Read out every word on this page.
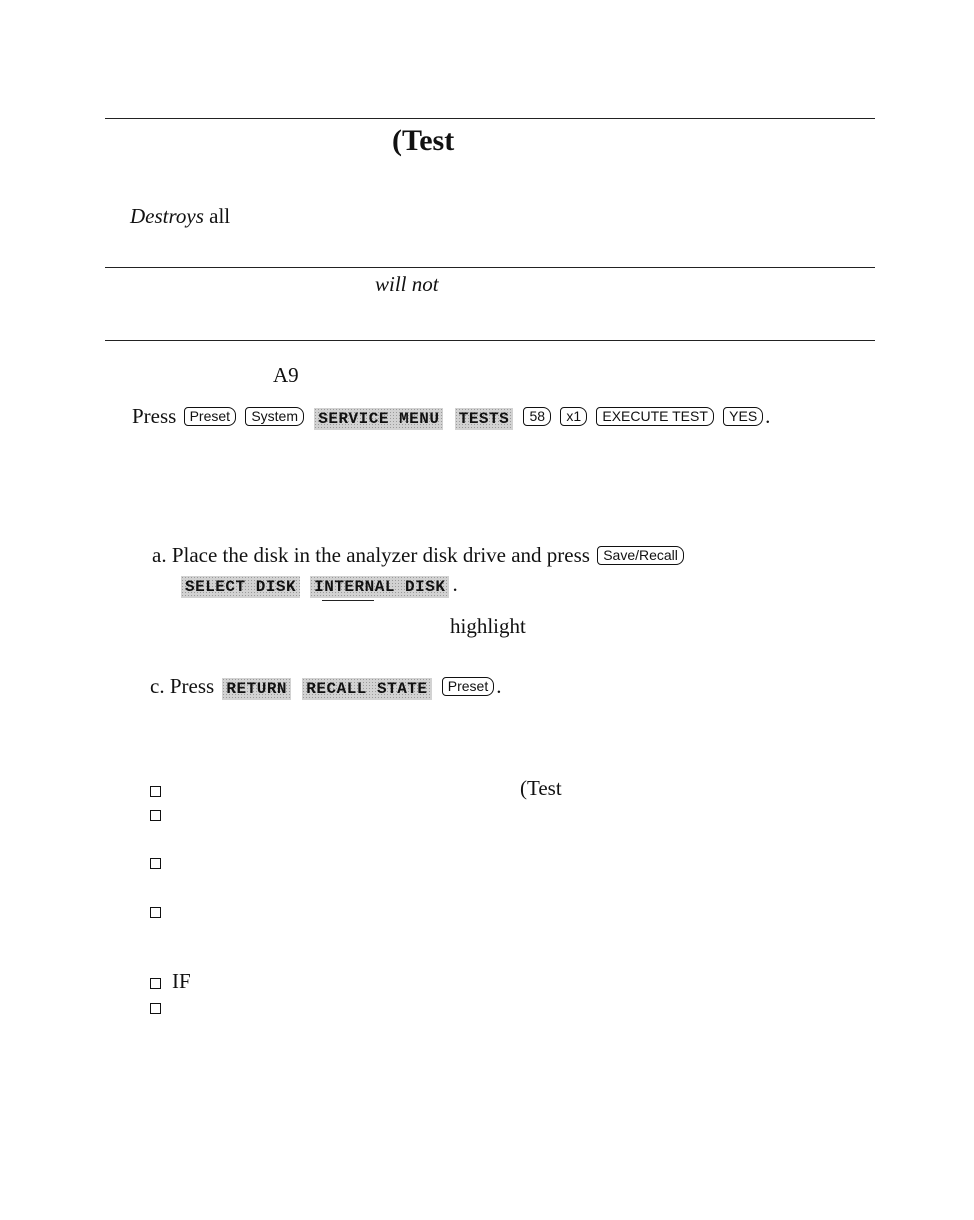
(Test
Destroys all
will not
A9
Press Preset System SERVICE MENU TESTS 58 x1 EXECUTE TEST YES .
a. Place the disk in the analyzer disk drive and press Save/Recall
SELECT DISK INTERNAL DISK .
highlight
c. Press RETURN RECALL STATE Preset .
(Test
IF
